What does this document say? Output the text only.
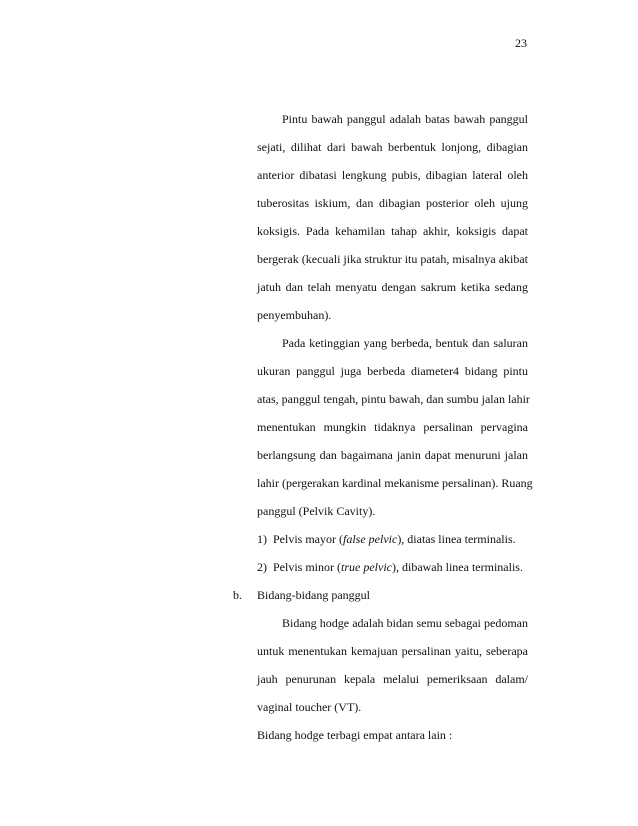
23
Pintu bawah panggul adalah batas bawah panggul
sejati, dilihat dari bawah berbentuk lonjong, dibagian
anterior dibatasi lengkung pubis, dibagian lateral oleh
tuberositas iskium, dan dibagian posterior oleh ujung
koksigis. Pada kehamilan tahap akhir, koksigis dapat
bergerak (kecuali jika struktur itu patah, misalnya akibat
jatuh dan telah menyatu dengan sakrum ketika sedang
penyembuhan).
Pada ketinggian yang berbeda, bentuk dan saluran
ukuran panggul juga berbeda diameter4 bidang pintu
atas, panggul tengah, pintu bawah, dan sumbu jalan lahir
menentukan mungkin tidaknya persalinan pervagina
berlangsung dan bagaimana janin dapat menuruni jalan
lahir (pergerakan kardinal mekanisme persalinan). Ruang
panggul (Pelvik Cavity).
1) Pelvis mayor (false pelvic), diatas linea terminalis.
2) Pelvis minor (true pelvic), dibawah linea terminalis.
b. Bidang-bidang panggul
Bidang hodge adalah bidan semu sebagai pedoman
untuk menentukan kemajuan persalinan yaitu, seberapa
jauh penurunan kepala melalui pemeriksaan dalam/
vaginal toucher (VT).
Bidang hodge terbagi empat antara lain :
